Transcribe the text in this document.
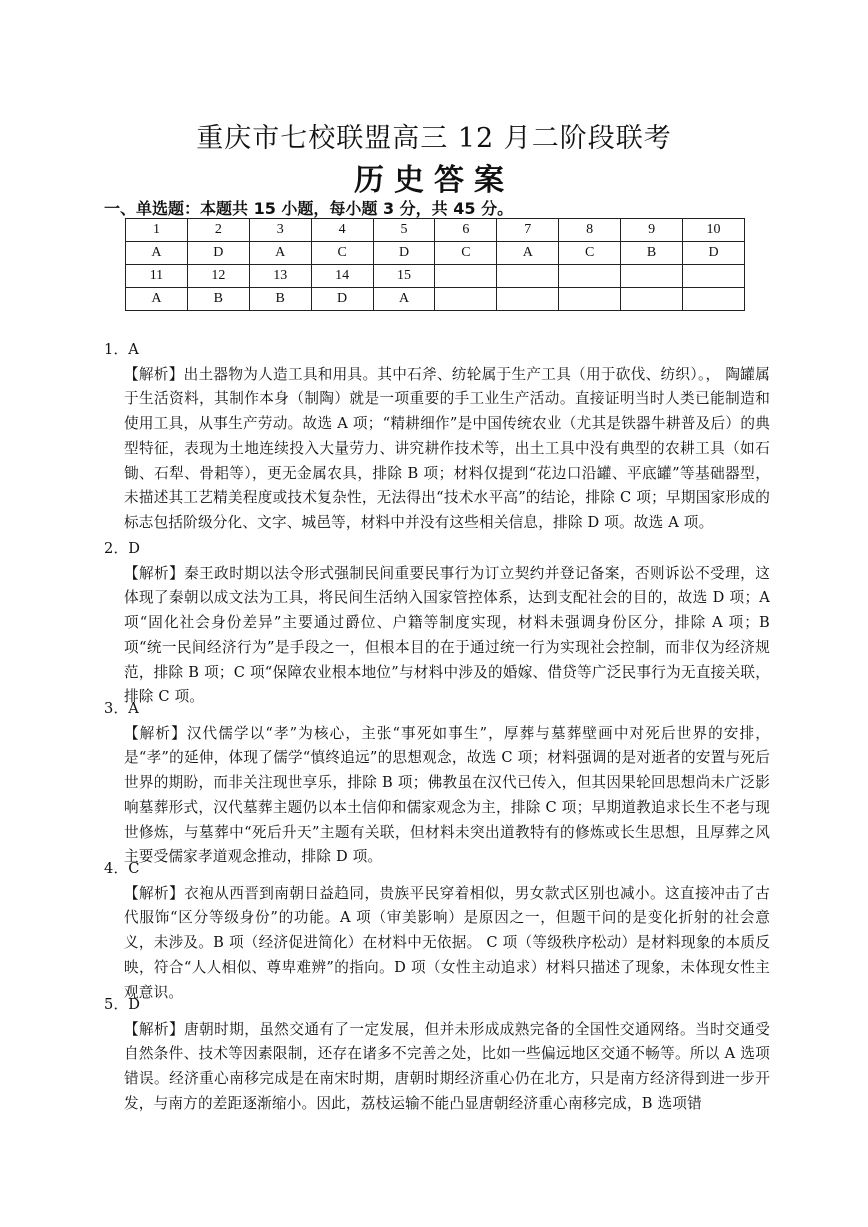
重庆市七校联盟高三 12 月二阶段联考
历史答案
一、单选题：本题共 15 小题，每小题 3 分，共 45 分。
1	2	3	4	5	6	7	8	9	10
A	D	A	C	D	C	A	C	B	D
11	12	13	14	15					
A	B	B	D	A					
1．A
【解析】出土器物为人造工具和用具。其中石斧、纺轮属于生产工具（用于砍伐、纺织）。， 陶罐属于生活资料，其制作本身（制陶）就是一项重要的手工业生产活动。直接证明当时人类已能制造和使用工具，从事生产劳动。故选 A 项；“精耕细作”是中国传统农业（尤其是铁器牛耕普及后）的典型特征，表现为土地连续投入大量劳力、讲究耕作技术等，出土工具中没有典型的农耕工具（如石锄、石犁、骨耜等），更无金属农具，排除 B 项；材料仅提到“花边口沿罐、平底罐”等基础器型，未描述其工艺精美程度或技术复杂性，无法得出“技术水平高”的结论，排除 C 项；早期国家形成的标志包括阶级分化、文字、城邑等，材料中并没有这些相关信息，排除 D 项。故选 A 项。
2．D
【解析】秦王政时期以法令形式强制民间重要民事行为订立契约并登记备案，否则诉讼不受理，这体现了秦朝以成文法为工具，将民间生活纳入国家管控体系，达到支配社会的目的，故选 D 项；A 项“固化社会身份差异”主要通过爵位、户籍等制度实现，材料未强调身份区分，排除 A 项；B 项“统一民间经济行为”是手段之一，但根本目的在于通过统一行为实现社会控制，而非仅为经济规范，排除 B 项；C 项“保障农业根本地位”与材料中涉及的婚嫁、借贷等广泛民事行为无直接关联，排除 C 项。
3．A
【解析】汉代儒学以“孝”为核心，主张“事死如事生”，厚葬与墓葬壁画中对死后世界的安排，是“孝”的延伸，体现了儒学“慎终追远”的思想观念，故选 C 项；材料强调的是对逝者的安置与死后世界的期盼，而非关注现世享乐，排除 B 项；佛教虽在汉代已传入，但其因果轮回思想尚未广泛影响墓葬形式，汉代墓葬主题仍以本土信仰和儒家观念为主，排除 C 项；早期道教追求长生不老与现世修炼，与墓葬中“死后升天”主题有关联，但材料未突出道教特有的修炼或长生思想，且厚葬之风主要受儒家孝道观念推动，排除 D 项。
4．C
【解析】衣袍从西晋到南朝日益趋同，贵族平民穿着相似，男女款式区别也减小。这直接冲击了古代服饰“区分等级身份”的功能。A 项（审美影响）是原因之一，但题干问的是变化折射的社会意义，未涉及。B 项（经济促进简化）在材料中无依据。 C 项（等级秩序松动）是材料现象的本质反映，符合“人人相似、尊卑难辨”的指向。D 项（女性主动追求）材料只描述了现象，未体现女性主观意识。
5．D
【解析】唐朝时期，虽然交通有了一定发展，但并未形成成熟完备的全国性交通网络。当时交通受自然条件、技术等因素限制，还存在诸多不完善之处，比如一些偏远地区交通不畅等。所以 A 选项错误。经济重心南移完成是在南宋时期，唐朝时期经济重心仍在北方，只是南方经济得到进一步开发，与南方的差距逐渐缩小。因此，荔枝运输不能凸显唐朝经济重心南移完成，B 选项错
